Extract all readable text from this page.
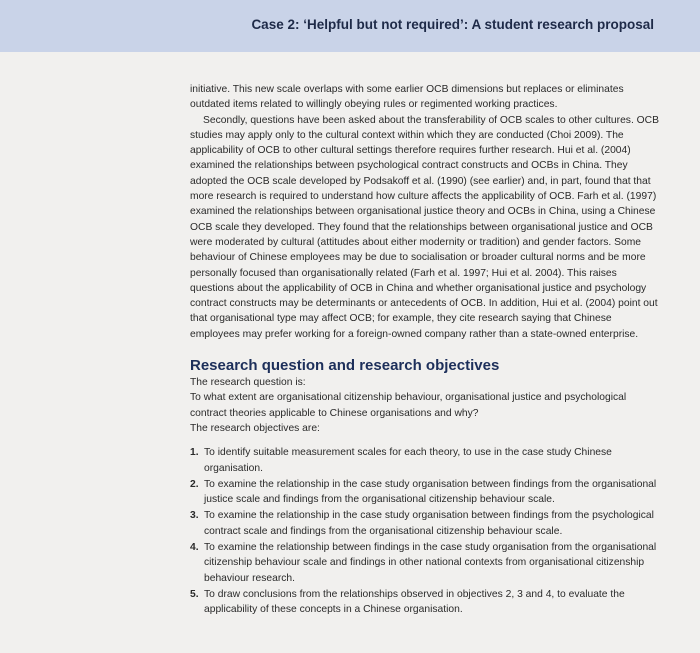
Case 2: ‘Helpful but not required’: A student research proposal

initiative. This new scale overlaps with some earlier OCB dimensions but replaces or eliminates outdated items related to willingly obeying rules or regimented working practices.

Secondly, questions have been asked about the transferability of OCB scales to other cultures. OCB studies may apply only to the cultural context within which they are conducted (Choi 2009). The applicability of OCB to other cultural settings therefore requires further research. Hui et al. (2004) examined the relationships between psychological contract constructs and OCBs in China. They adopted the OCB scale developed by Podsakoff et al. (1990) (see earlier) and, in part, found that that more research is required to understand how culture affects the applicability of OCB. Farh et al. (1997) examined the relationships between organisational justice theory and OCBs in China, using a Chinese OCB scale they developed. They found that the relationships between organisational justice and OCB were moderated by cultural (attitudes about either modernity or tradition) and gender factors. Some behaviour of Chinese employees may be due to socialisation or broader cultural norms and be more personally focused than organisationally related (Farh et al. 1997; Hui et al. 2004). This raises questions about the applicability of OCB in China and whether organisational justice and psychology contract constructs may be determinants or antecedents of OCB. In addition, Hui et al. (2004) point out that organisational type may affect OCB; for example, they cite research saying that Chinese employees may prefer working for a foreign-owned company rather than a state-owned enterprise.

Research question and research objectives

The research question is:

To what extent are organisational citizenship behaviour, organisational justice and psychological contract theories applicable to Chinese organisations and why?

The research objectives are:

1. To identify suitable measurement scales for each theory, to use in the case study Chinese organisation.
2. To examine the relationship in the case study organisation between findings from the organisational justice scale and findings from the organisational citizenship behaviour scale.
3. To examine the relationship in the case study organisation between findings from the psychological contract scale and findings from the organisational citizenship behaviour scale.
4. To examine the relationship between findings in the case study organisation from the organisational citizenship behaviour scale and findings in other national contexts from organisational citizenship behaviour research.
5. To draw conclusions from the relationships observed in objectives 2, 3 and 4, to evaluate the applicability of these concepts in a Chinese organisation.
